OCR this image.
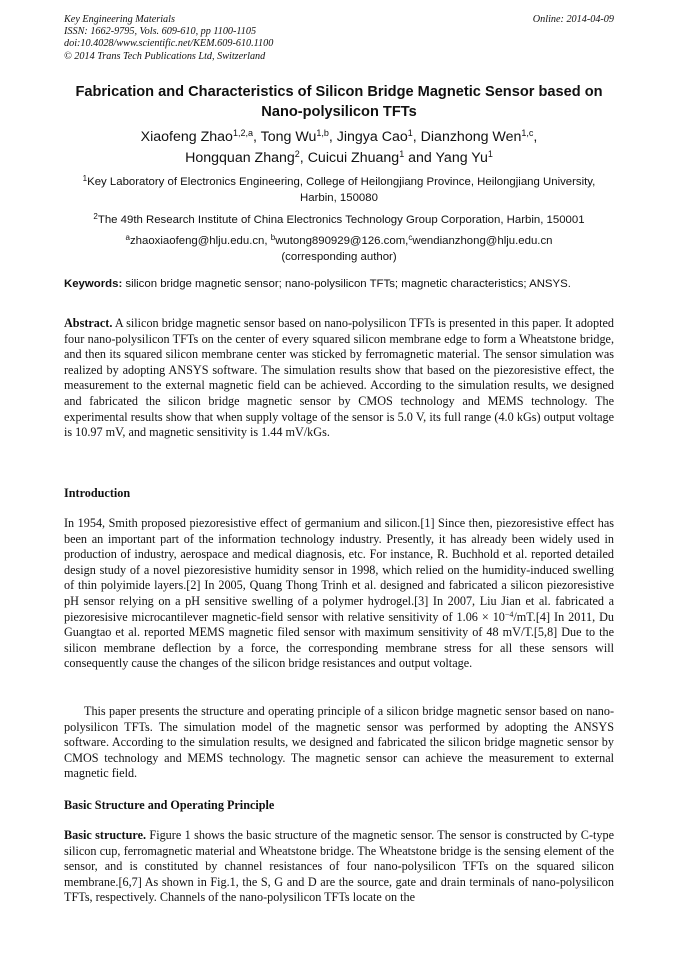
Key Engineering Materials
ISSN: 1662-9795, Vols. 609-610, pp 1100-1105
doi:10.4028/www.scientific.net/KEM.609-610.1100
© 2014 Trans Tech Publications Ltd, Switzerland
Online: 2014-04-09
Fabrication and Characteristics of Silicon Bridge Magnetic Sensor based on Nano-polysilicon TFTs
Xiaofeng Zhao$^{1,2,a}$, Tong Wu$^{1,b}$, Jingya Cao$^1$, Dianzhong Wen$^{1,c}$,
Hongquan Zhang$^2$, Cuicui Zhuang$^1$ and Yang Yu$^1$
$^1$Key Laboratory of Electronics Engineering, College of Heilongjiang Province, Heilongjiang University, Harbin, 150080
$^2$The 49th Research Institute of China Electronics Technology Group Corporation, Harbin, 150001
$^a$zhaoxiaofeng@hlju.edu.cn, $^b$wutong890929@126.com,$^c$wendianzhong@hlju.edu.cn
(corresponding author)
Keywords: silicon bridge magnetic sensor; nano-polysilicon TFTs; magnetic characteristics; ANSYS.

Abstract. A silicon bridge magnetic sensor based on nano-polysilicon TFTs is presented in this paper. It adopted four nano-polysilicon TFTs on the center of every squared silicon membrane edge to form a Wheatstone bridge, and then its squared silicon membrane center was sticked by ferromagnetic material. The sensor simulation was realized by adopting ANSYS software. The simulation results show that based on the piezoresistive effect, the measurement to the external magnetic field can be achieved. According to the simulation results, we designed and fabricated the silicon bridge magnetic sensor by CMOS technology and MEMS technology. The experimental results show that when supply voltage of the sensor is 5.0 V, its full range (4.0 kGs) output voltage is 10.97 mV, and magnetic sensitivity is 1.44 mV/kGs.

Introduction

In 1954, Smith proposed piezoresistive effect of germanium and silicon.[1] Since then, piezoresistive effect has been an important part of the information technology industry. Presently, it has already been widely used in production of industry, aerospace and medical diagnosis, etc. For instance, R. Buchhold et al. reported detailed design study of a novel piezoresistive humidity sensor in 1998, which relied on the humidity-induced swelling of thin polyimide layers.[2] In 2005, Quang Thong Trinh et al. designed and fabricated a silicon piezoresistive pH sensor relying on a pH sensitive swelling of a polymer hydrogel.[3] In 2007, Liu Jian et al. fabricated a piezoresisive microcantilever magnetic-field sensor with relative sensitivity of $1.06 \times 10^{-4}/mT.[4]$ In 2011, Du Guangtao et al. reported MEMS magnetic filed sensor with maximum sensitivity of 48 mV/T.[5,8] Due to the silicon membrane deflection by a force, the corresponding membrane stress for all these sensors will consequently cause the changes of the silicon bridge resistances and output voltage.

This paper presents the structure and operating principle of a silicon bridge magnetic sensor based on nano-polysilicon TFTs. The simulation model of the magnetic sensor was performed by adopting the ANSYS software. According to the simulation results, we designed and fabricated the silicon bridge magnetic sensor by CMOS technology and MEMS technology. The magnetic sensor can achieve the measurement to external magnetic field.

Basic Structure and Operating Principle

Basic structure. Figure 1 shows the basic structure of the magnetic sensor. The sensor is constructed by C-type silicon cup, ferromagnetic material and Wheatstone bridge. The Wheatstone bridge is the sensing element of the sensor, and is constituted by channel resistances of four nano-polysilicon TFTs on the squared silicon membrane.[6,7] As shown in Fig.1, the S, G and D are the source, gate and drain terminals of nano-polysilicon TFTs, respectively. Channels of the nano-polysilicon TFTs locate on the
